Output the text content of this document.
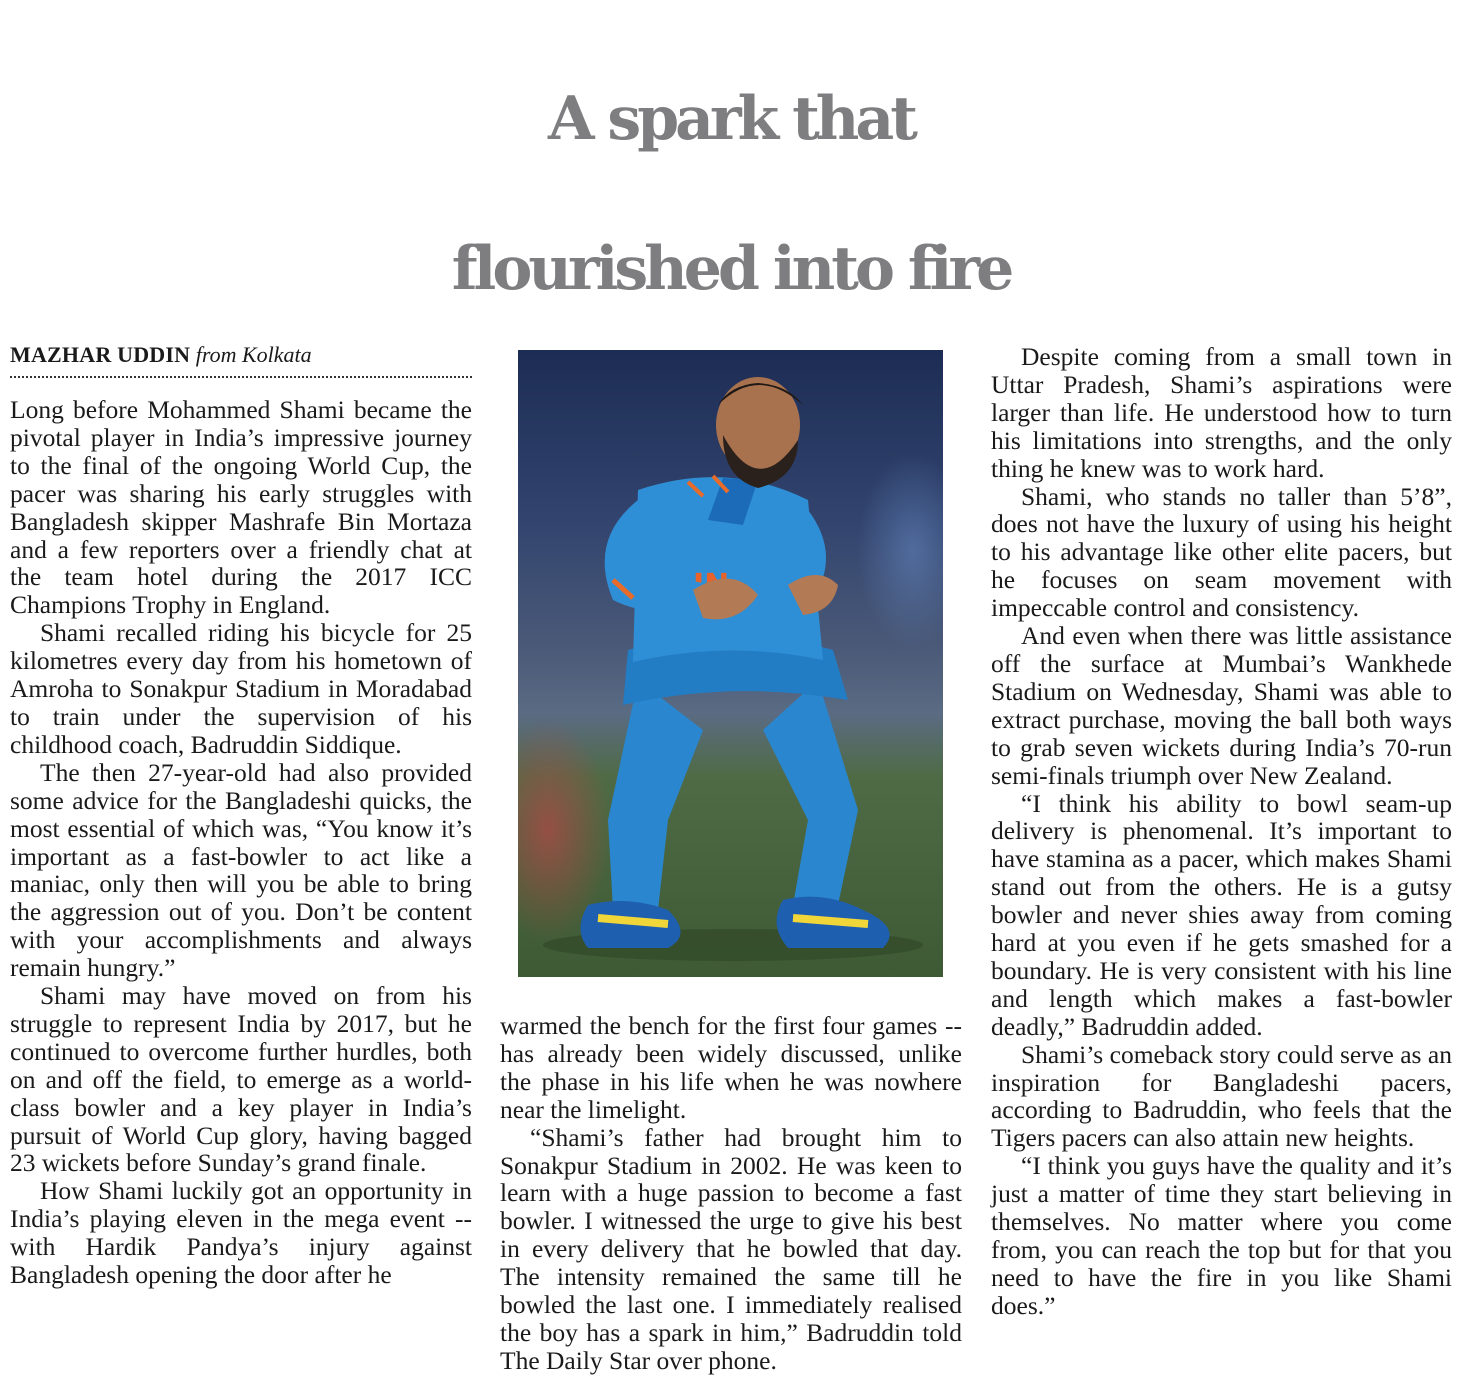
A spark that
flourished into fire
MAZHAR UDDIN from Kolkata

Long before Mohammed Shami became the pivotal player in India’s impressive journey to the final of the ongoing World Cup, the pacer was sharing his early struggles with Bangladesh skipper Mashrafe Bin Mortaza and a few reporters over a friendly chat at the team hotel during the 2017 ICC Champions Trophy in England.

Shami recalled riding his bicycle for 25 kilometres every day from his hometown of Amroha to Sonakpur Stadium in Moradabad to train under the supervision of his childhood coach, Badruddin Siddique.

The then 27-year-old had also provided some advice for the Bangladeshi quicks, the most essential of which was, “You know it’s important as a fast-bowler to act like a maniac, only then will you be able to bring the aggression out of you. Don’t be content with your accomplishments and always remain hungry.”

Shami may have moved on from his struggle to represent India by 2017, but he continued to overcome further hurdles, both on and off the field, to emerge as a world-class bowler and a key player in India’s pursuit of World Cup glory, having bagged 23 wickets before Sunday’s grand finale.

How Shami luckily got an opportunity in India’s playing eleven in the mega event -- with Hardik Pandya’s injury against Bangladesh opening the door after he

warmed the bench for the first four games -- has already been widely discussed, unlike the phase in his life when he was nowhere near the limelight.

“Shami’s father had brought him to Sonakpur Stadium in 2002. He was keen to learn with a huge passion to become a fast bowler. I witnessed the urge to give his best in every delivery that he bowled that day. The intensity remained the same till he bowled the last one. I immediately realised the boy has a spark in him,” Badruddin told The Daily Star over phone.

Despite coming from a small town in Uttar Pradesh, Shami’s aspirations were larger than life. He understood how to turn his limitations into strengths, and the only thing he knew was to work hard.

Shami, who stands no taller than 5’8”, does not have the luxury of using his height to his advantage like other elite pacers, but he focuses on seam movement with impeccable control and consistency.

And even when there was little assistance off the surface at Mumbai’s Wankhede Stadium on Wednesday, Shami was able to extract purchase, moving the ball both ways to grab seven wickets during India’s 70-run semi-finals triumph over New Zealand.

“I think his ability to bowl seam-up delivery is phenomenal. It’s important to have stamina as a pacer, which makes Shami stand out from the others. He is a gutsy bowler and never shies away from coming hard at you even if he gets smashed for a boundary. He is very consistent with his line and length which makes a fast-bowler deadly,” Badruddin added.

Shami’s comeback story could serve as an inspiration for Bangladeshi pacers, according to Badruddin, who feels that the Tigers pacers can also attain new heights.

“I think you guys have the quality and it’s just a matter of time they start believing in themselves. No matter where you come from, you can reach the top but for that you need to have the fire in you like Shami does.”
